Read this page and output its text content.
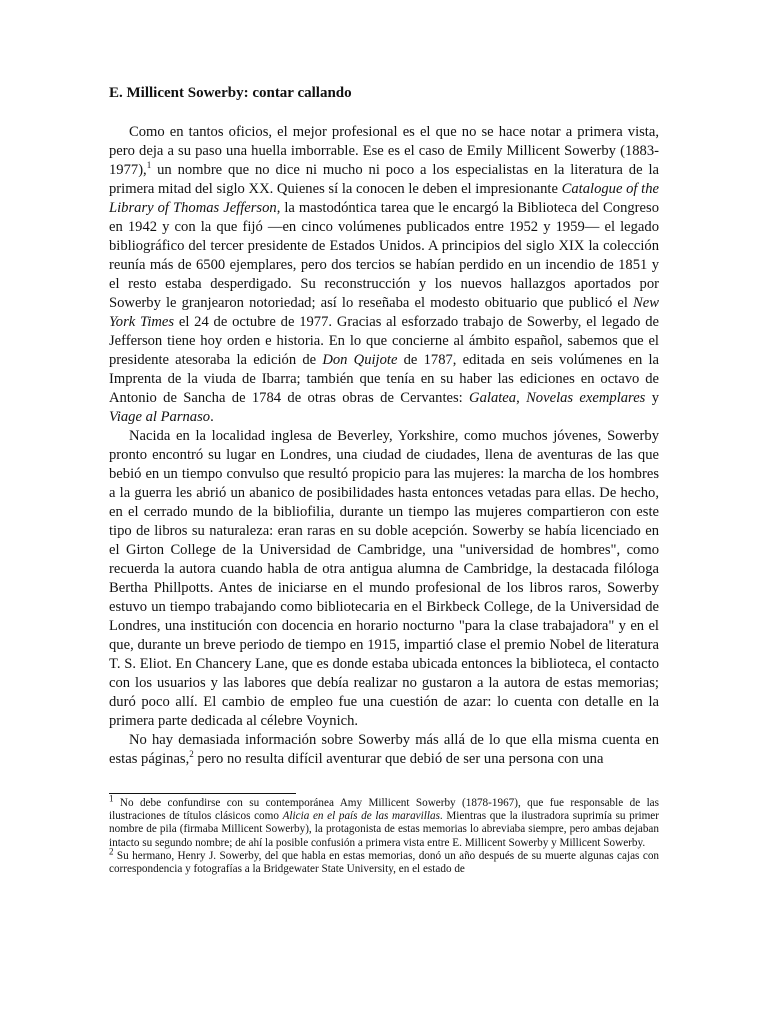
E. Millicent Sowerby: contar callando

Como en tantos oficios, el mejor profesional es el que no se hace notar a primera vista, pero deja a su paso una huella imborrable. Ese es el caso de Emily Millicent Sowerby (1883-1977),$^1$ un nombre que no dice ni mucho ni poco a los especialistas en la literatura de la primera mitad del siglo XX. Quienes sí la conocen le deben el impresionante Catalogue of the Library of Thomas Jefferson, la mastodóntica tarea que le encargó la Biblioteca del Congreso en 1942 y con la que fijó —en cinco volúmenes publicados entre 1952 y 1959— el legado bibliográfico del tercer presidente de Estados Unidos. A principios del siglo XIX la colección reunía más de 6500 ejemplares, pero dos tercios se habían perdido en un incendio de 1851 y el resto estaba desperdigado. Su reconstrucción y los nuevos hallazgos aportados por Sowerby le granjearon notoriedad; así lo reseñaba el modesto obituario que publicó el New York Times el 24 de octubre de 1977. Gracias al esforzado trabajo de Sowerby, el legado de Jefferson tiene hoy orden e historia. En lo que concierne al ámbito español, sabemos que el presidente atesoraba la edición de Don Quijote de 1787, editada en seis volúmenes en la Imprenta de la viuda de Ibarra; también que tenía en su haber las ediciones en octavo de Antonio de Sancha de 1784 de otras obras de Cervantes: Galatea, Novelas exemplares y Viage al Parnaso.

Nacida en la localidad inglesa de Beverley, Yorkshire, como muchos jóvenes, Sowerby pronto encontró su lugar en Londres, una ciudad de ciudades, llena de aventuras de las que bebió en un tiempo convulso que resultó propicio para las mujeres: la marcha de los hombres a la guerra les abrió un abanico de posibilidades hasta entonces vetadas para ellas. De hecho, en el cerrado mundo de la bibliofilia, durante un tiempo las mujeres compartieron con este tipo de libros su naturaleza: eran raras en su doble acepción. Sowerby se había licenciado en el Girton College de la Universidad de Cambridge, una "universidad de hombres", como recuerda la autora cuando habla de otra antigua alumna de Cambridge, la destacada filóloga Bertha Phillpotts. Antes de iniciarse en el mundo profesional de los libros raros, Sowerby estuvo un tiempo trabajando como bibliotecaria en el Birkbeck College, de la Universidad de Londres, una institución con docencia en horario nocturno "para la clase trabajadora" y en el que, durante un breve periodo de tiempo en 1915, impartió clase el premio Nobel de literatura T. S. Eliot. En Chancery Lane, que es donde estaba ubicada entonces la biblioteca, el contacto con los usuarios y las labores que debía realizar no gustaron a la autora de estas memorias; duró poco allí. El cambio de empleo fue una cuestión de azar: lo cuenta con detalle en la primera parte dedicada al célebre Voynich.

No hay demasiada información sobre Sowerby más allá de lo que ella misma cuenta en estas páginas,$^2$ pero no resulta difícil aventurar que debió de ser una persona con una

$^1$ No debe confundirse con su contemporánea Amy Millicent Sowerby (1878-1967), que fue responsable de las ilustraciones de títulos clásicos como Alicia en el país de las maravillas. Mientras que la ilustradora suprimía su primer nombre de pila (firmaba Millicent Sowerby), la protagonista de estas memorias lo abreviaba siempre, pero ambas dejaban intacto su segundo nombre; de ahí la posible confusión a primera vista entre E. Millicent Sowerby y Millicent Sowerby.

$^2$ Su hermano, Henry J. Sowerby, del que habla en estas memorias, donó un año después de su muerte algunas cajas con correspondencia y fotografías a la Bridgewater State University, en el estado de
